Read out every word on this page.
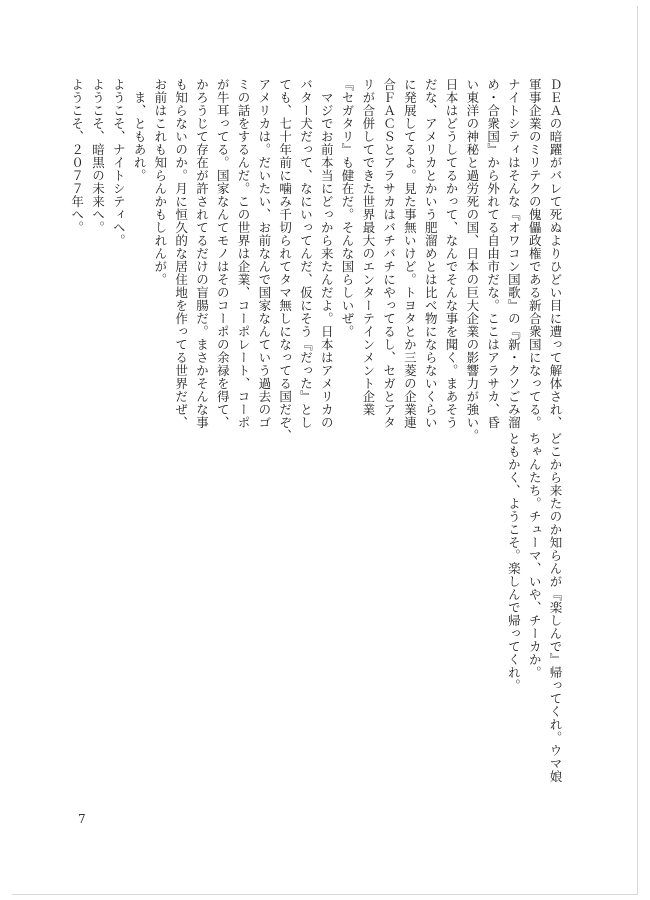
ＤＥＡの暗躍がバレて死ぬよりひどい目に遭って解体され、
軍事企業のミリテクの傀儡政権である新合衆国になってる。
ナイトシティはそんな『オワコン国歌』の『新・クソごみ溜
め・合衆国』から外れてる自由市だな。ここはアラサカ、昏
い東洋の神秘と過労死の国、日本の巨大企業の影響力が強い。
日本はどうしてるかって、なんでそんな事を聞く。まあそう
だな、アメリカとかいう肥溜めとは比べ物にならないくらい
に発展してるよ。見た事無いけど。トヨタとか三菱の企業連
合ＦＡＣＳとアラサカはバチバチにやってるし、セガとアタ
リが合併してできた世界最大のエンターテインメント企業
『セガタリ』も健在だ。そんな国らしいぜ。
　マジでお前本当にどっから来たんだよ。日本はアメリカの
バター犬だって、なにいってんだ、仮にそう『だった』とし
ても、七十年前に噛み千切られてタマ無しになってる国だぞ、
アメリカは。だいたい、お前なんで国家なんていう過去のゴ
ミの話をするんだ。この世界は企業、コーポレート、コーポ
が牛耳ってる。国家なんてモノはそのコーポの余禄を得て、
かろうじて存在が許されてるだけの盲腸だ。まさかそんな事
も知らないのか。月に恒久的な居住地を作ってる世界だぜ、
お前はこれも知らんかもしれんが。
　ま、ともあれ。
ようこそ、ナイトシティへ。
ようこそ、暗黒の未来へ。
ようこそ、２０７７年へ。
どこから来たのか知らんが『楽しんで』帰ってくれ。ウマ娘
ちゃんたち。チューマ、いや、チーカか。
ともかく、ようこそ。楽しんで帰ってくれ。
7
